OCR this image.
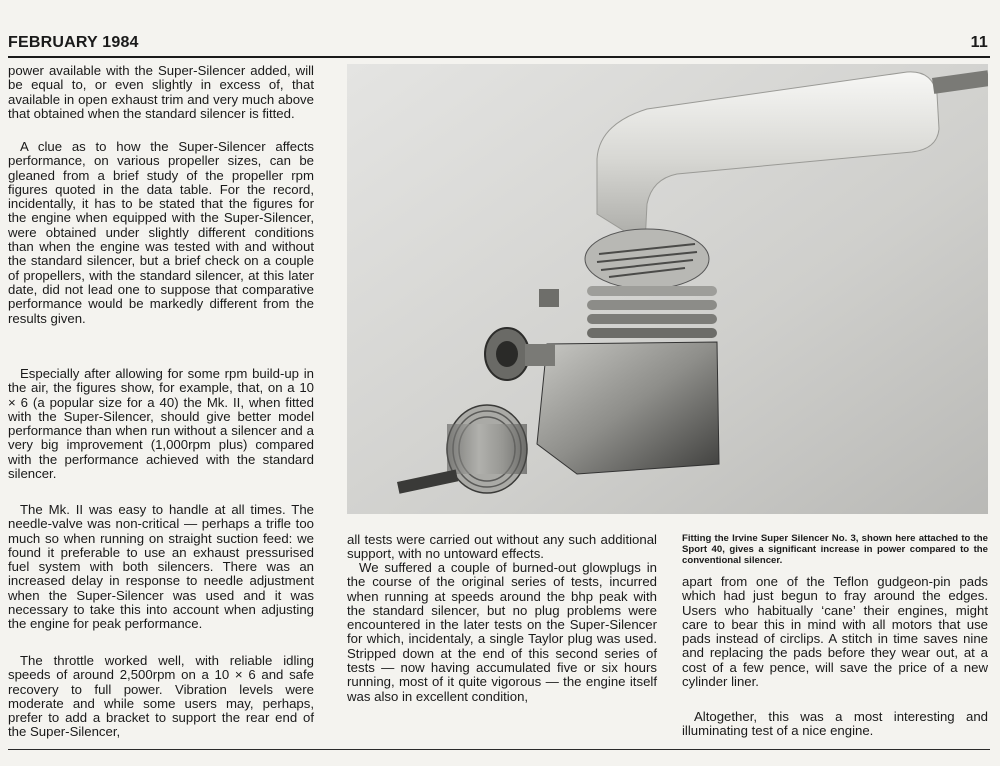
FEBRUARY 1984	11

power available with the Super-Silencer added, will be equal to, or even slightly in excess of, that available in open exhaust trim and very much above that obtained when the standard silencer is fitted.

A clue as to how the Super-Silencer affects performance, on various propeller sizes, can be gleaned from a brief study of the propeller rpm figures quoted in the data table. For the record, incidentally, it has to be stated that the figures for the engine when equipped with the Super-Silencer, were obtained under slightly different conditions than when the engine was tested with and without the standard silencer, but a brief check on a couple of propellers, with the standard silencer, at this later date, did not lead one to suppose that comparative performance would be markedly different from the results given.

Especially after allowing for some rpm build-up in the air, the figures show, for example, that, on a 10 × 6 (a popular size for a 40) the Mk. II, when fitted with the Super-Silencer, should give better model performance than when run without a silencer and a very big improvement (1,000rpm plus) compared with the performance achieved with the standard silencer.

The Mk. II was easy to handle at all times. The needle-valve was non-critical — perhaps a trifle too much so when running on straight suction feed: we found it preferable to use an exhaust pressurised fuel system with both silencers. There was an increased delay in response to needle adjustment when the Super-Silencer was used and it was necessary to take this into account when adjusting the engine for peak performance.

The throttle worked well, with reliable idling speeds of around 2,500rpm on a 10 × 6 and safe recovery to full power. Vibration levels were moderate and while some users may, perhaps, prefer to add a bracket to support the rear end of the Super-Silencer,

all tests were carried out without any such additional support, with no untoward effects.

We suffered a couple of burned-out glowplugs in the course of the original series of tests, incurred when running at speeds around the bhp peak with the standard silencer, but no plug problems were encountered in the later tests on the Super-Silencer for which, incidentaly, a single Taylor plug was used. Stripped down at the end of this second series of tests — now having accumulated five or six hours running, most of it quite vigorous — the engine itself was also in excellent condition,

Fitting the Irvine Super Silencer No. 3, shown here attached to the Sport 40, gives a significant increase in power compared to the conventional silencer.

apart from one of the Teflon gudgeon-pin pads which had just begun to fray around the edges. Users who habitually ‘cane’ their engines, might care to bear this in mind with all motors that use pads instead of circlips. A stitch in time saves nine and replacing the pads before they wear out, at a cost of a few pence, will save the price of a new cylinder liner.

Altogether, this was a most interesting and illuminating test of a nice engine.
